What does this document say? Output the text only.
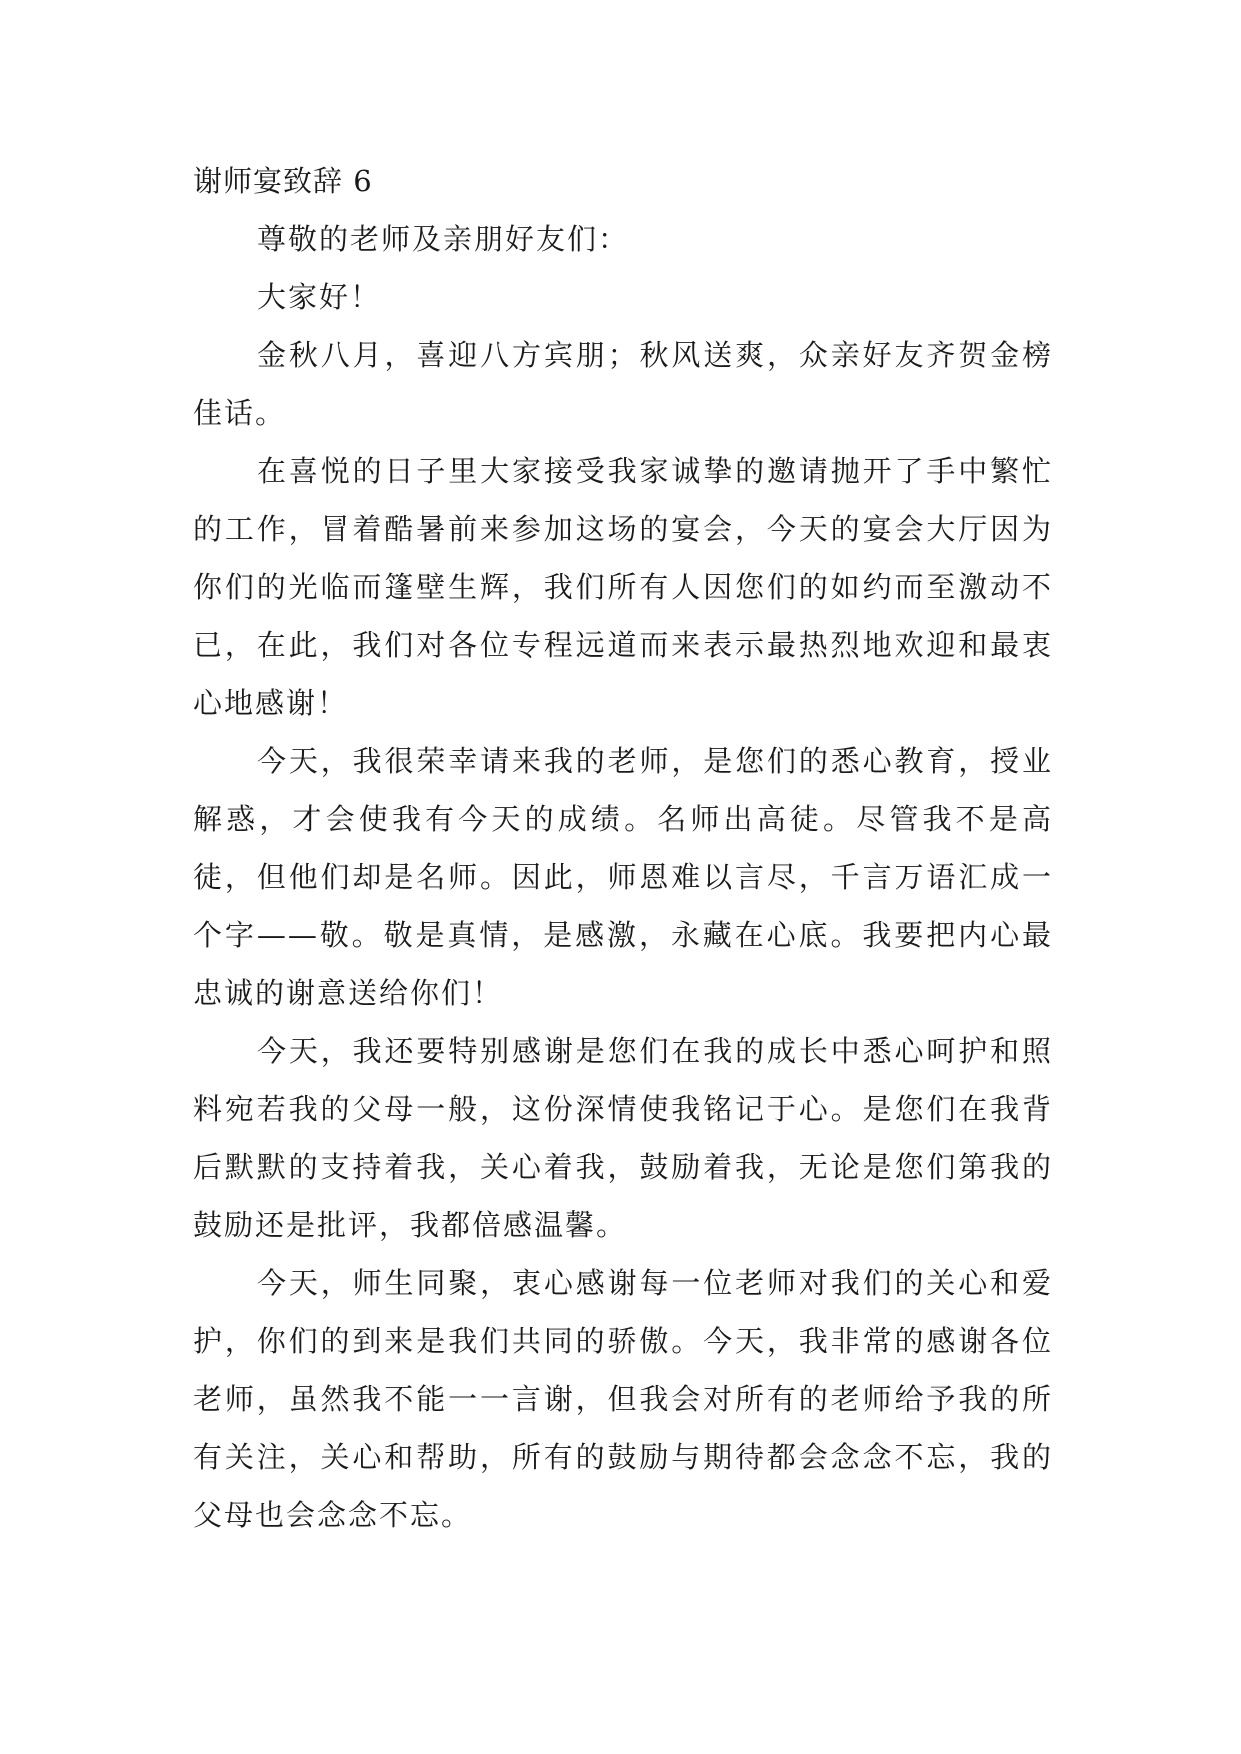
谢师宴致辞 6

尊敬的老师及亲朋好友们：

大家好！

金秋八月，喜迎八方宾朋；秋风送爽，众亲好友齐贺金榜佳话。

在喜悦的日子里大家接受我家诚挚的邀请抛开了手中繁忙的工作，冒着酷暑前来参加这场的宴会，今天的宴会大厅因为你们的光临而篷壁生辉，我们所有人因您们的如约而至激动不已，在此，我们对各位专程远道而来表示最热烈地欢迎和最衷心地感谢！

今天，我很荣幸请来我的老师，是您们的悉心教育，授业解惑，才会使我有今天的成绩。名师出高徒。尽管我不是高徒，但他们却是名师。因此，师恩难以言尽，千言万语汇成一个字——敬。敬是真情，是感激，永藏在心底。我要把内心最忠诚的谢意送给你们！

今天，我还要特别感谢是您们在我的成长中悉心呵护和照料宛若我的父母一般，这份深情使我铭记于心。是您们在我背后默默的支持着我，关心着我，鼓励着我，无论是您们第我的鼓励还是批评，我都倍感温馨。

今天，师生同聚，衷心感谢每一位老师对我们的关心和爱护，你们的到来是我们共同的骄傲。今天，我非常的感谢各位老师，虽然我不能一一言谢，但我会对所有的老师给予我的所有关注，关心和帮助，所有的鼓励与期待都会念念不忘，我的父母也会念念不忘。
